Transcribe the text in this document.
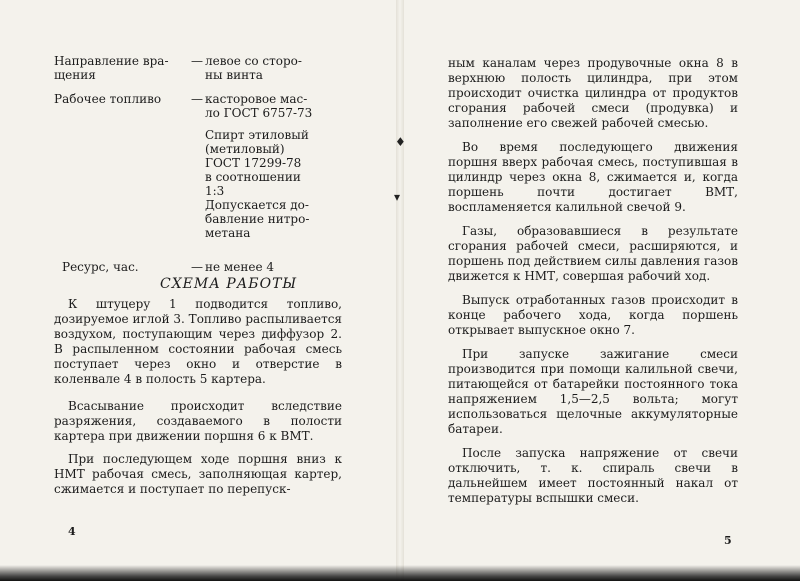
Направление вра-
щения
— левое со сторо-
ны винта
Рабочее топливо	— касторовое мас-
ло ГОСТ 6757-73
Спирт этиловый
(метиловый)
ГОСТ 17299-78
в соотношении
1:3
Допускается до-
бавление нитро-
метана
Ресурс, час.	— не менее 4
СХЕМА РАБОТЫ

К штуцеру 1 подводится топливо, дозируемое иглой 3. Топливо распыливается воздухом, поступающим через диффузор 2. В распыленном состоянии рабочая смесь поступает через окно и отверстие в коленвале 4 в полость 5 картера.

Всасывание происходит вследствие разряжения, создаваемого в полости картера при движении поршня 6 к ВМТ.

При последующем ходе поршня вниз к НМТ рабочая смесь, заполняющая картер, сжимается и поступает по перепуск-

4

ным каналам через продувочные окна 8 в верхнюю полость цилиндра, при этом происходит очистка цилиндра от продуктов сгорания рабочей смеси (продувка) и заполнение его свежей рабочей смесью.

Во время последующего движения поршня вверх рабочая смесь, поступившая в цилиндр через окна 8, сжимается и, когда поршень почти достигает ВМТ, воспламеняется калильной свечой 9.

Газы, образовавшиеся в результате сгорания рабочей смеси, расширяются, и поршень под действием силы давления газов движется к НМТ, совершая рабочий ход.

Выпуск отработанных газов происходит в конце рабочего хода, когда поршень открывает выпускное окно 7.

При запуске зажигание смеси производится при помощи калильной свечи, питающейся от батарейки постоянного тока напряжением 1,5—2,5 вольта; могут использоваться щелочные аккумуляторные батареи.

После запуска напряжение от свечи отключить, т. к. спираль свечи в дальнейшем имеет постоянный накал от температуры вспышки смеси.

5
♦
▾
